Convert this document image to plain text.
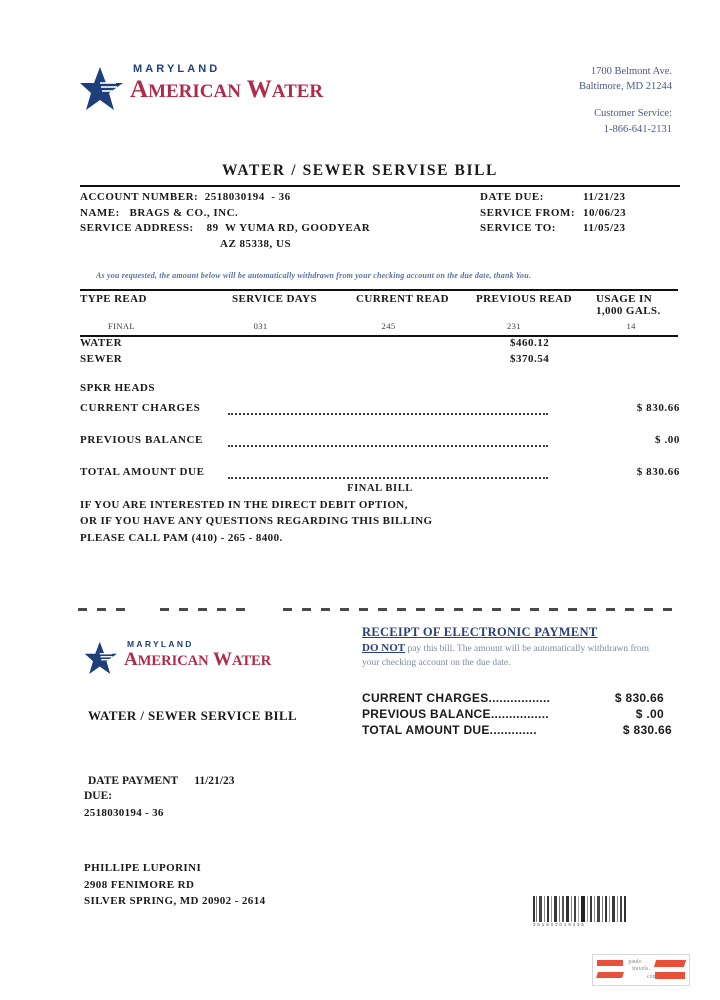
MARYLAND
AMERICAN WATER
1700 Belmont Ave.
Baltimore, MD 21244
Customer Service:
1-866-641-2131
WATER / SEWER SERVISE BILL
ACCOUNT NUMBER: 2518030194  - 36	DATE DUE:	11/21/23
NAME: BRAGS & CO., INC.	SERVICE FROM: 10/06/23
SERVICE ADDRESS: 89  W YUMA RD, GOODYEAR	SERVICE TO:	11/05/23
AZ 85338, US
As you requested, the amount below will be automatically withdrawn from your checking account on the due date, thank You.
TYPE READ	SERVICE DAYS	CURRENT READ	PREVIOUS READ	USAGE IN 1,000 GALS.
FINAL	031	245	231	14
WATER	$460.12
SEWER	$370.54
SPKR HEADS
CURRENT CHARGES	$ 830.66
PREVIOUS BALANCE	$ .00
TOTAL AMOUNT DUE	$ 830.66
FINAL BILL
IF YOU ARE INTERESTED IN THE DIRECT DEBIT OPTION,
OR IF YOU HAVE ANY QUESTIONS REGARDING THIS BILLING
PLEASE CALL PAM (410) - 265 - 8400.
MARYLAND
AMERICAN WATER
WATER / SEWER SERVICE BILL
DATE PAYMENT 11/21/23
DUE:
2518030194 - 36
PHILLIPE LUPORINI
2908 FENIMORE RD
SILVER SPRING, MD 20902 - 2614
RECEIPT OF ELECTRONIC PAYMENT
DO NOT pay this bill. The amount will be automatically withdrawn from
your checking account on the due date.
CURRENT CHARGES.................	$ 830.66
PREVIOUS BALANCE................	$ .00
TOTAL AMOUNT DUE.............	$ 830.66
251803019436
paulo
travels.
com
